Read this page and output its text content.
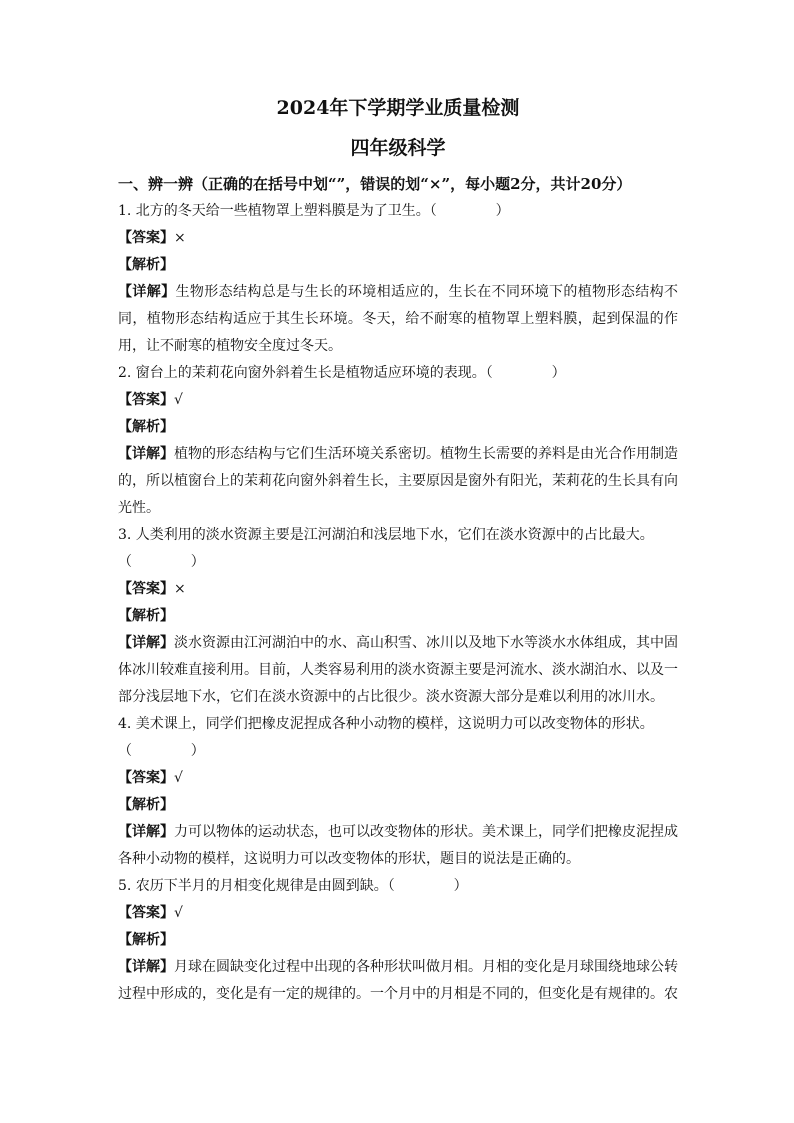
2024年下学期学业质量检测
四年级科学
一、辨一辨（正确的在括号中划“”，错误的划“×”，每小题2分，共计20分）
1. 北方的冬天给一些植物罩上塑料膜是为了卫生。（	）
【答案】×
【解析】
【详解】生物形态结构总是与生长的环境相适应的，生长在不同环境下的植物形态结构不同，植物形态结构适应于其生长环境。冬天，给不耐寒的植物罩上塑料膜，起到保温的作用，让不耐寒的植物安全度过冬天。
2. 窗台上的茉莉花向窗外斜着生长是植物适应环境的表现。（	）
【答案】√
【解析】
【详解】植物的形态结构与它们生活环境关系密切。植物生长需要的养料是由光合作用制造的，所以植窗台上的茉莉花向窗外斜着生长，主要原因是窗外有阳光，茉莉花的生长具有向光性。
3. 人类利用的淡水资源主要是江河湖泊和浅层地下水，它们在淡水资源中的占比最大。
（	）
【答案】×
【解析】
【详解】淡水资源由江河湖泊中的水、高山积雪、冰川以及地下水等淡水水体组成，其中固体冰川较难直接利用。目前，人类容易利用的淡水资源主要是河流水、淡水湖泊水、以及一部分浅层地下水，它们在淡水资源中的占比很少。淡水资源大部分是难以利用的冰川水。
4. 美术课上，同学们把橡皮泥捏成各种小动物的模样，这说明力可以改变物体的形状。
（	）
【答案】√
【解析】
【详解】力可以物体的运动状态，也可以改变物体的形状。美术课上，同学们把橡皮泥捏成各种小动物的模样，这说明力可以改变物体的形状，题目的说法是正确的。
5. 农历下半月的月相变化规律是由圆到缺。（	）
【答案】√
【解析】
【详解】月球在圆缺变化过程中出现的各种形状叫做月相。月相的变化是月球围绕地球公转过程中形成的，变化是有一定的规律的。一个月中的月相是不同的，但变化是有规律的。农
